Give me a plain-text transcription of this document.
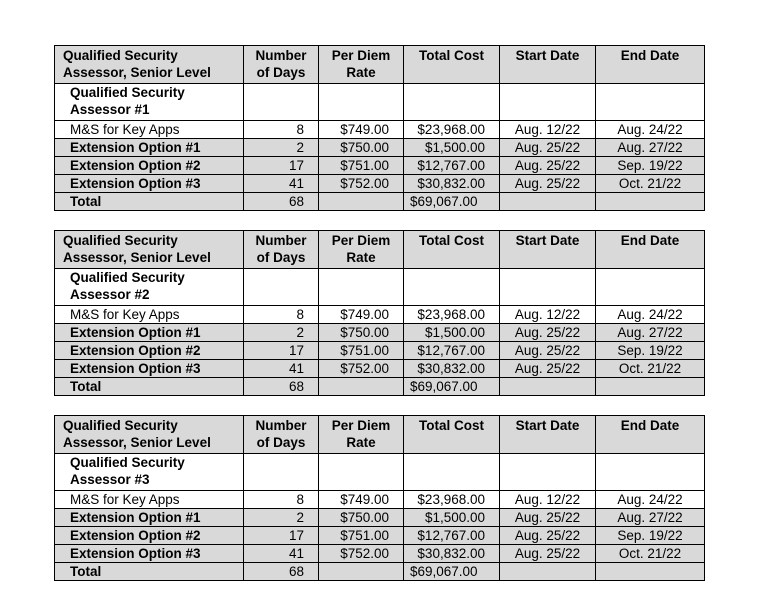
Qualified Security Assessor, Senior Level	Number of Days	Per Diem Rate	Total Cost	Start Date	End Date
Qualified Security Assessor #1					
M&S for Key Apps	8	$749.00	$23,968.00	Aug. 12/22	Aug. 24/22
Extension Option #1	2	$750.00	$1,500.00	Aug. 25/22	Aug. 27/22
Extension Option #2	17	$751.00	$12,767.00	Aug. 25/22	Sep. 19/22
Extension Option #3	41	$752.00	$30,832.00	Aug. 25/22	Oct. 21/22
Total	68		$69,067.00		
Qualified Security Assessor, Senior Level	Number of Days	Per Diem Rate	Total Cost	Start Date	End Date
Qualified Security Assessor #2					
M&S for Key Apps	8	$749.00	$23,968.00	Aug. 12/22	Aug. 24/22
Extension Option #1	2	$750.00	$1,500.00	Aug. 25/22	Aug. 27/22
Extension Option #2	17	$751.00	$12,767.00	Aug. 25/22	Sep. 19/22
Extension Option #3	41	$752.00	$30,832.00	Aug. 25/22	Oct. 21/22
Total	68		$69,067.00		
Qualified Security Assessor, Senior Level	Number of Days	Per Diem Rate	Total Cost	Start Date	End Date
Qualified Security Assessor #3					
M&S for Key Apps	8	$749.00	$23,968.00	Aug. 12/22	Aug. 24/22
Extension Option #1	2	$750.00	$1,500.00	Aug. 25/22	Aug. 27/22
Extension Option #2	17	$751.00	$12,767.00	Aug. 25/22	Sep. 19/22
Extension Option #3	41	$752.00	$30,832.00	Aug. 25/22	Oct. 21/22
Total	68		$69,067.00		
